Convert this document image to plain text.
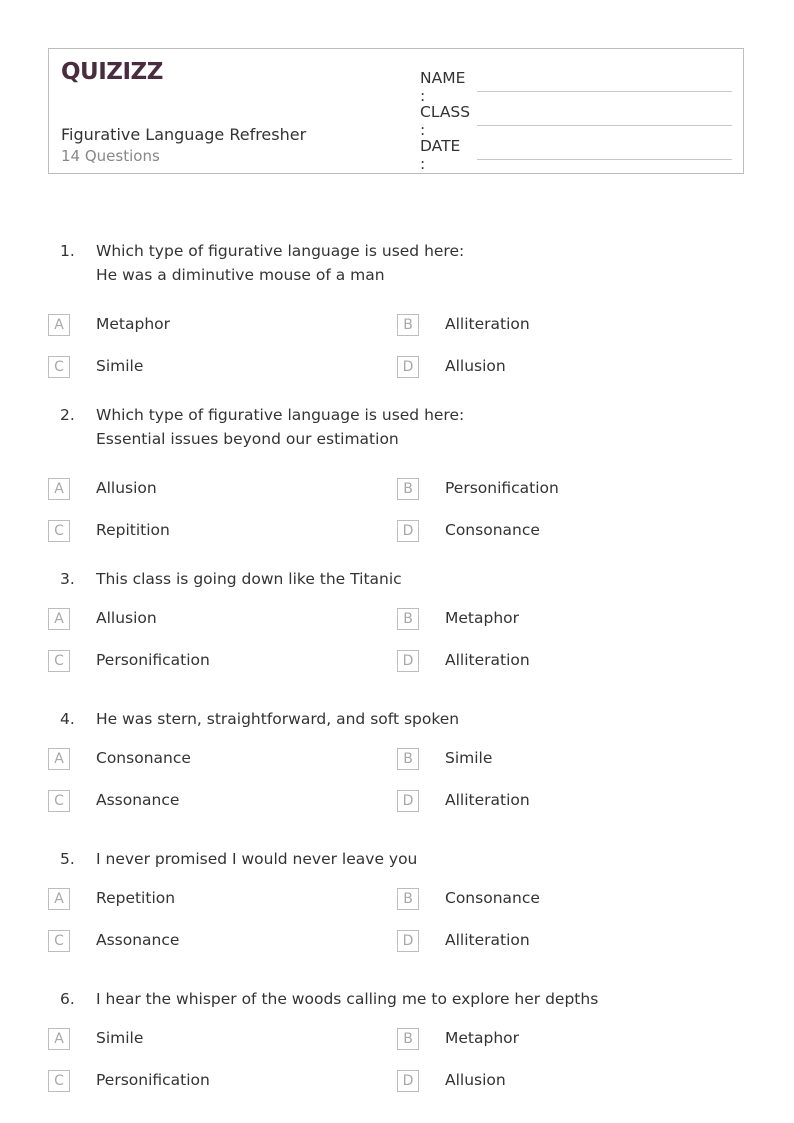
QUIZIZZ
Figurative Language Refresher
14 Questions
NAME :
CLASS :
DATE :
1. Which type of figurative language is used here:
He was a diminutive mouse of a man
A	Metaphor	B	Alliteration
C	Simile	D	Allusion
2. Which type of figurative language is used here:
Essential issues beyond our estimation
A	Allusion	B	Personification
C	Repitition	D	Consonance
3. This class is going down like the Titanic
A	Allusion	B	Metaphor
C	Personification	D	Alliteration
4. He was stern, straightforward, and soft spoken
A	Consonance	B	Simile
C	Assonance	D	Alliteration
5. I never promised I would never leave you
A	Repetition	B	Consonance
C	Assonance	D	Alliteration
6. I hear the whisper of the woods calling me to explore her depths
A	Simile	B	Metaphor
C	Personification	D	Allusion
